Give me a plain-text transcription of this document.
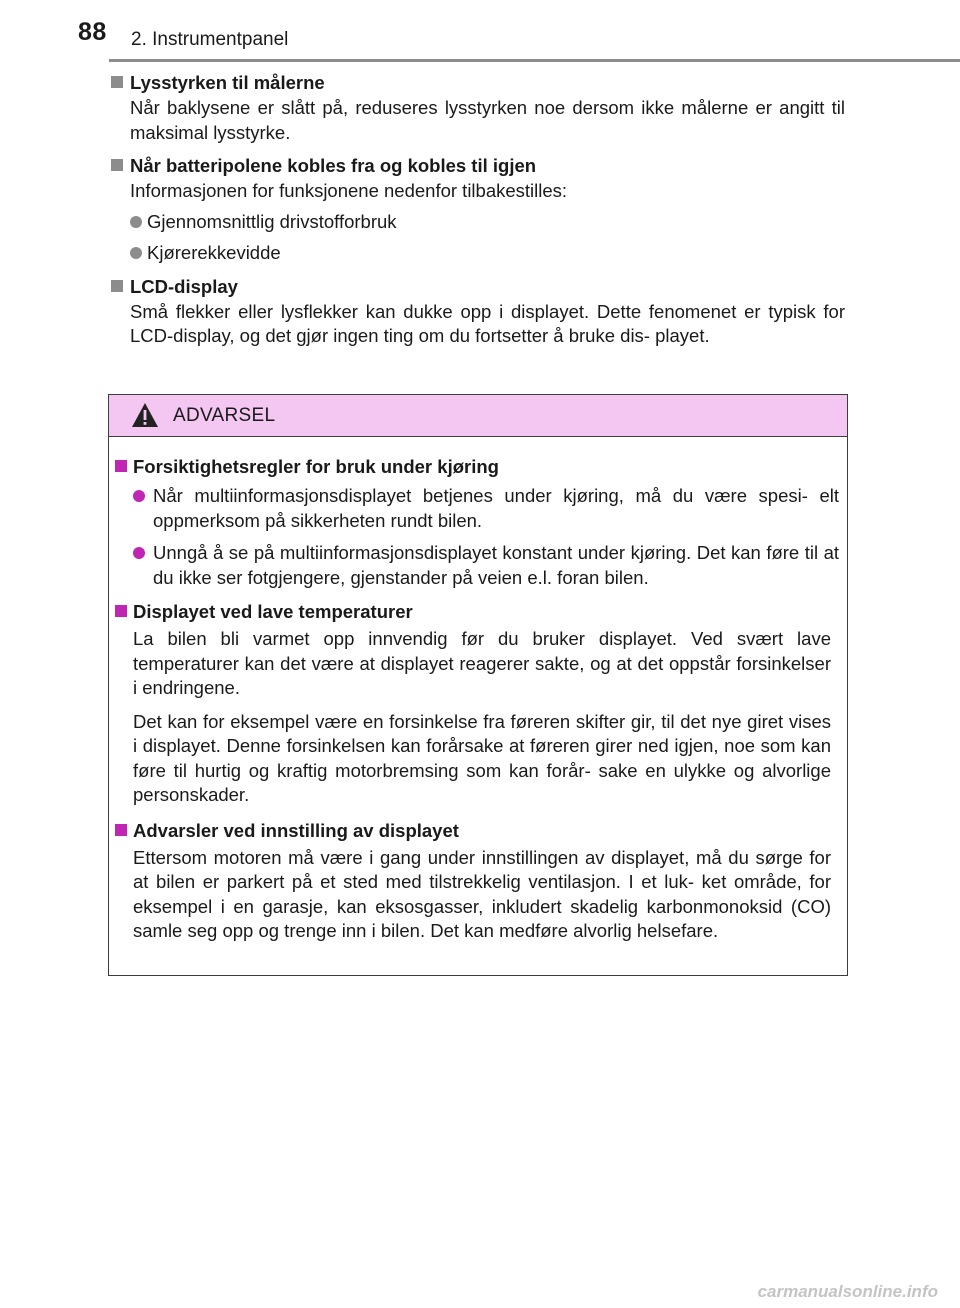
88 2. Instrumentpanel
Lysstyrken til målerne
Når baklysene er slått på, reduseres lysstyrken noe dersom ikke målerne er angitt til maksimal lysstyrke.
Når batteripolene kobles fra og kobles til igjen
Informasjonen for funksjonene nedenfor tilbakestilles:
Gjennomsnittlig drivstofforbruk
Kjørerekkevidde
LCD-display
Små flekker eller lysflekker kan dukke opp i displayet. Dette fenomenet er typisk for LCD-display, og det gjør ingen ting om du fortsetter å bruke dis- playet.
ADVARSEL
Forsiktighetsregler for bruk under kjøring
Når multiinformasjonsdisplayet betjenes under kjøring, må du være spesi- elt oppmerksom på sikkerheten rundt bilen.
Unngå å se på multiinformasjonsdisplayet konstant under kjøring. Det kan føre til at du ikke ser fotgjengere, gjenstander på veien e.l. foran bilen.
Displayet ved lave temperaturer
La bilen bli varmet opp innvendig før du bruker displayet. Ved svært lave temperaturer kan det være at displayet reagerer sakte, og at det oppstår forsinkelser i endringene.
Det kan for eksempel være en forsinkelse fra føreren skifter gir, til det nye giret vises i displayet. Denne forsinkelsen kan forårsake at føreren girer ned igjen, noe som kan føre til hurtig og kraftig motorbremsing som kan forår- sake en ulykke og alvorlige personskader.
Advarsler ved innstilling av displayet
Ettersom motoren må være i gang under innstillingen av displayet, må du sørge for at bilen er parkert på et sted med tilstrekkelig ventilasjon. I et luk- ket område, for eksempel i en garasje, kan eksosgasser, inkludert skadelig karbonmonoksid (CO) samle seg opp og trenge inn i bilen. Det kan medføre alvorlig helsefare.
carmanualsonline.info
